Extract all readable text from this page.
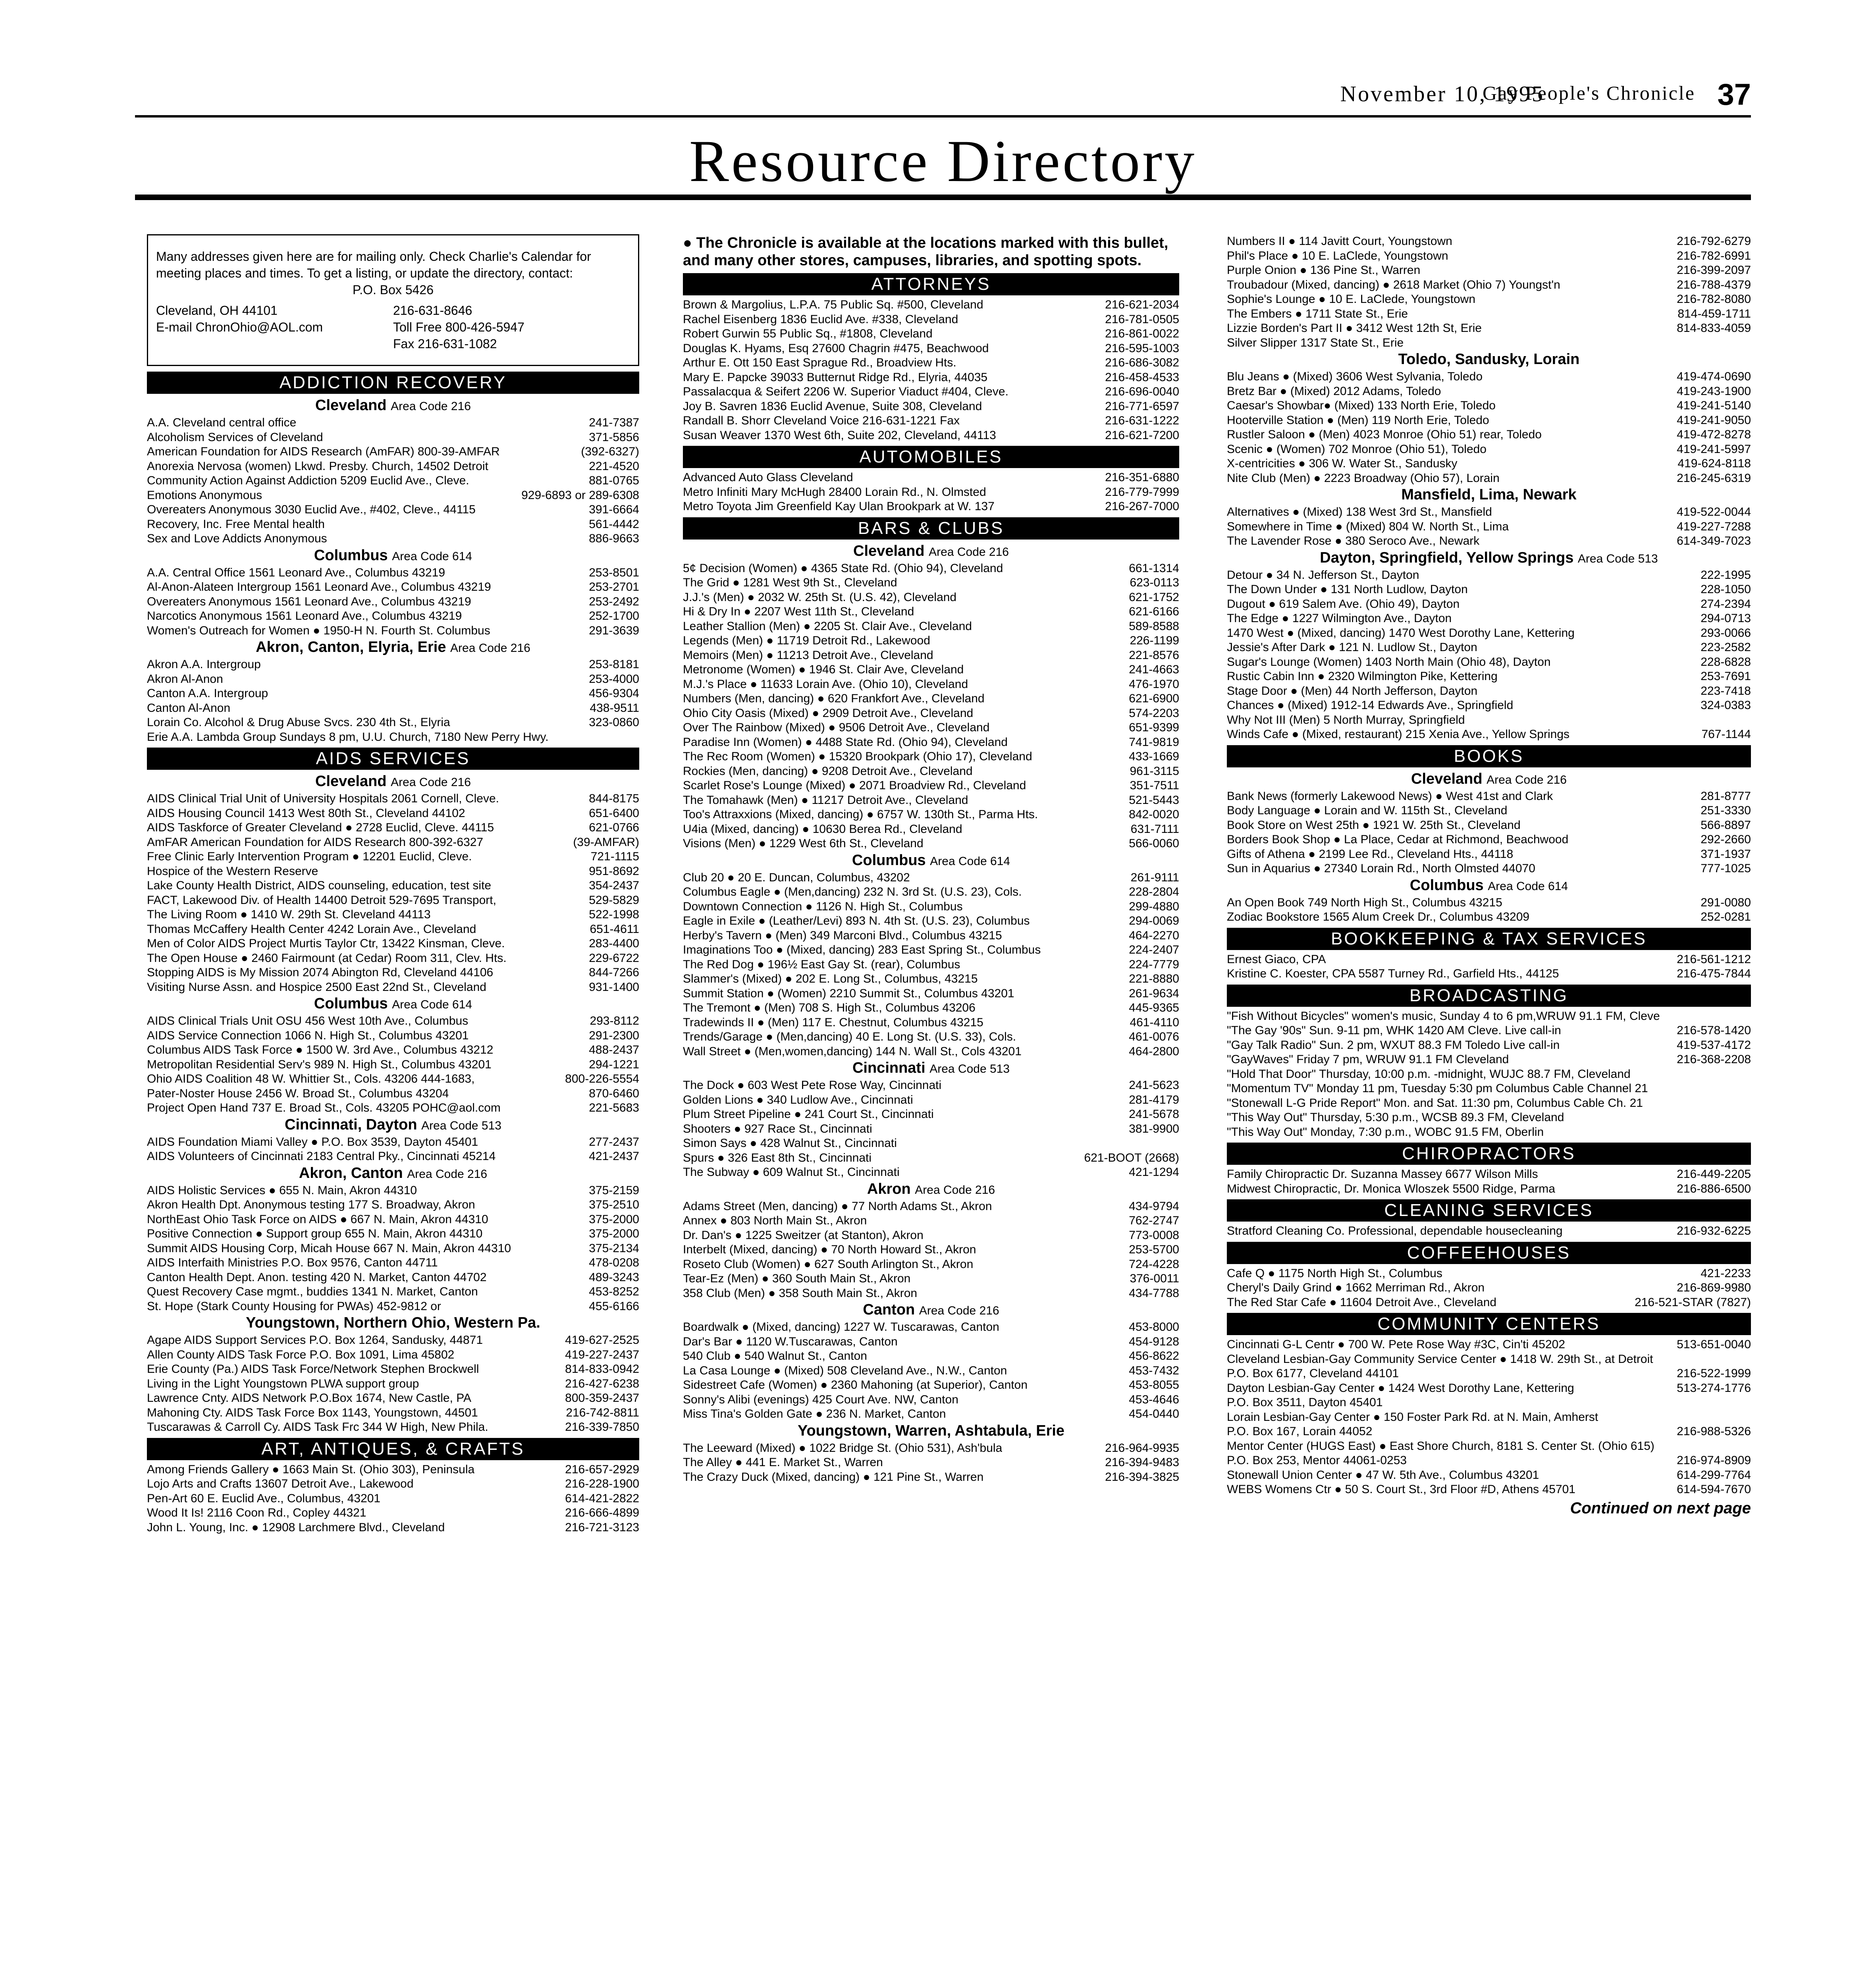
November 10, 1995
Gay People's Chronicle 37
Resource Directory
Many addresses given here are for mailing only. Check Charlie's Calendar for meeting places and times. To get a listing, or update the directory, contact:
P.O. Box 5426
Cleveland, OH 44101	216-631-8646
E-mail ChronOhio@AOL.com	Toll Free 800-426-5947
Fax 216-631-1082
ADDICTION RECOVERY
Cleveland Area Code 216
A.A. Cleveland central office	241-7387
Alcoholism Services of Cleveland	371-5856
American Foundation for AIDS Research (AmFAR) 800-39-AMFAR	(392-6327)
Anorexia Nervosa (women) Lkwd. Presby. Church, 14502 Detroit	221-4520
Community Action Against Addiction 5209 Euclid Ave., Cleve.	881-0765
Emotions Anonymous	929-6893 or 289-6308
Overeaters Anonymous 3030 Euclid Ave., #402, Cleve., 44115	391-6664
Recovery, Inc. Free Mental health	561-4442
Sex and Love Addicts Anonymous	886-9663
Columbus Area Code 614
A.A. Central Office 1561 Leonard Ave., Columbus 43219	253-8501
Al-Anon-Alateen Intergroup 1561 Leonard Ave., Columbus 43219	253-2701
Overeaters Anonymous 1561 Leonard Ave., Columbus 43219	253-2492
Narcotics Anonymous 1561 Leonard Ave., Columbus 43219	252-1700
Women's Outreach for Women ● 1950-H N. Fourth St. Columbus	291-3639
Akron, Canton, Elyria, Erie Area Code 216
Akron A.A. Intergroup	253-8181
Akron Al-Anon	253-4000
Canton A.A. Intergroup	456-9304
Canton Al-Anon	438-9511
Lorain Co. Alcohol & Drug Abuse Svcs. 230 4th St., Elyria	323-0860
Erie A.A. Lambda Group Sundays 8 pm, U.U. Church, 7180 New Perry Hwy.
AIDS SERVICES
Cleveland Area Code 216
AIDS Clinical Trial Unit of University Hospitals 2061 Cornell, Cleve.	844-8175
AIDS Housing Council 1413 West 80th St., Cleveland 44102	651-6400
AIDS Taskforce of Greater Cleveland ● 2728 Euclid, Cleve. 44115	621-0766
AmFAR American Foundation for AIDS Research 800-392-6327	(39-AMFAR)
Free Clinic Early Intervention Program ● 12201 Euclid, Cleve.	721-1115
Hospice of the Western Reserve	951-8692
Lake County Health District, AIDS counseling, education, test site	354-2437
FACT, Lakewood Div. of Health 14400 Detroit 529-7695 Transport,	529-5829
The Living Room ● 1410 W. 29th St. Cleveland 44113	522-1998
Thomas McCaffery Health Center 4242 Lorain Ave., Cleveland	651-4611
Men of Color AIDS Project Murtis Taylor Ctr, 13422 Kinsman, Cleve.	283-4400
The Open House ● 2460 Fairmount (at Cedar) Room 311, Clev. Hts.	229-6722
Stopping AIDS is My Mission 2074 Abington Rd, Cleveland 44106	844-7266
Visiting Nurse Assn. and Hospice 2500 East 22nd St., Cleveland	931-1400
Columbus Area Code 614
AIDS Clinical Trials Unit OSU 456 West 10th Ave., Columbus	293-8112
AIDS Service Connection 1066 N. High St., Columbus 43201	291-2300
Columbus AIDS Task Force ● 1500 W. 3rd Ave., Columbus 43212	488-2437
Metropolitan Residential Serv's 989 N. High St., Columbus 43201	294-1221
Ohio AIDS Coalition 48 W. Whittier St., Cols. 43206 444-1683,	800-226-5554
Pater-Noster House 2456 W. Broad St., Columbus 43204	870-6460
Project Open Hand 737 E. Broad St., Cols. 43205 POHC@aol.com	221-5683
Cincinnati, Dayton Area Code 513
AIDS Foundation Miami Valley ● P.O. Box 3539, Dayton 45401	277-2437
AIDS Volunteers of Cincinnati 2183 Central Pky., Cincinnati 45214	421-2437
Akron, Canton Area Code 216
AIDS Holistic Services ● 655 N. Main, Akron 44310	375-2159
Akron Health Dpt. Anonymous testing 177 S. Broadway, Akron	375-2510
NorthEast Ohio Task Force on AIDS ● 667 N. Main, Akron 44310	375-2000
Positive Connection ● Support group 655 N. Main, Akron 44310	375-2000
Summit AIDS Housing Corp, Micah House 667 N. Main, Akron 44310	375-2134
AIDS Interfaith Ministries P.O. Box 9576, Canton 44711	478-0208
Canton Health Dept. Anon. testing 420 N. Market, Canton 44702	489-3243
Quest Recovery Case mgmt., buddies 1341 N. Market, Canton	453-8252
St. Hope (Stark County Housing for PWAs) 452-9812 or	455-6166
Youngstown, Northern Ohio, Western Pa.
Agape AIDS Support Services P.O. Box 1264, Sandusky, 44871	419-627-2525
Allen County AIDS Task Force P.O. Box 1091, Lima 45802	419-227-2437
Erie County (Pa.) AIDS Task Force/Network Stephen Brockwell	814-833-0942
Living in the Light Youngstown PLWA support group	216-427-6238
Lawrence Cnty. AIDS Network P.O.Box 1674, New Castle, PA	800-359-2437
Mahoning Cty. AIDS Task Force Box 1143, Youngstown, 44501	216-742-8811
Tuscarawas & Carroll Cy. AIDS Task Frc 344 W High, New Phila.	216-339-7850
ART, ANTIQUES, & CRAFTS
Among Friends Gallery ● 1663 Main St. (Ohio 303), Peninsula	216-657-2929
Lojo Arts and Crafts 13607 Detroit Ave., Lakewood	216-228-1900
Pen-Art 60 E. Euclid Ave., Columbus, 43201	614-421-2822
Wood It Is! 2116 Coon Rd., Copley 44321	216-666-4899
John L. Young, Inc. ● 12908 Larchmere Blvd., Cleveland	216-721-3123
● The Chronicle is available at the locations marked with this bullet, and many other stores, campuses, libraries, and spotting spots.
ATTORNEYS
Brown & Margolius, L.P.A. 75 Public Sq. #500, Cleveland	216-621-2034
Rachel Eisenberg 1836 Euclid Ave. #338, Cleveland	216-781-0505
Robert Gurwin 55 Public Sq., #1808, Cleveland	216-861-0022
Douglas K. Hyams, Esq 27600 Chagrin #475, Beachwood	216-595-1003
Arthur E. Ott 150 East Sprague Rd., Broadview Hts.	216-686-3082
Mary E. Papcke 39033 Butternut Ridge Rd., Elyria, 44035	216-458-4533
Passalacqua & Seifert 2206 W. Superior Viaduct #404, Cleve.	216-696-0040
Joy B. Savren 1836 Euclid Avenue, Suite 308, Cleveland	216-771-6597
Randall B. Shorr Cleveland Voice 216-631-1221 Fax	216-631-1222
Susan Weaver 1370 West 6th, Suite 202, Cleveland, 44113	216-621-7200
AUTOMOBILES
Advanced Auto Glass Cleveland	216-351-6880
Metro Infiniti Mary McHugh 28400 Lorain Rd., N. Olmsted	216-779-7999
Metro Toyota Jim Greenfield Kay Ulan Brookpark at W. 137	216-267-7000
BARS & CLUBS
Cleveland Area Code 216
5¢ Decision (Women) ● 4365 State Rd. (Ohio 94), Cleveland	661-1314
The Grid ● 1281 West 9th St., Cleveland	623-0113
J.J.'s (Men) ● 2032 W. 25th St. (U.S. 42), Cleveland	621-1752
Hi & Dry In ● 2207 West 11th St., Cleveland	621-6166
Leather Stallion (Men) ● 2205 St. Clair Ave., Cleveland	589-8588
Legends (Men) ● 11719 Detroit Rd., Lakewood	226-1199
Memoirs (Men) ● 11213 Detroit Ave., Cleveland	221-8576
Metronome (Women) ● 1946 St. Clair Ave, Cleveland	241-4663
M.J.'s Place ● 11633 Lorain Ave. (Ohio 10), Cleveland	476-1970
Numbers (Men, dancing) ● 620 Frankfort Ave., Cleveland	621-6900
Ohio City Oasis (Mixed) ● 2909 Detroit Ave., Cleveland	574-2203
Over The Rainbow (Mixed) ● 9506 Detroit Ave., Cleveland	651-9399
Paradise Inn (Women) ● 4488 State Rd. (Ohio 94), Cleveland	741-9819
The Rec Room (Women) ● 15320 Brookpark (Ohio 17), Cleveland	433-1669
Rockies (Men, dancing) ● 9208 Detroit Ave., Cleveland	961-3115
Scarlet Rose's Lounge (Mixed) ● 2071 Broadview Rd., Cleveland	351-7511
The Tomahawk (Men) ● 11217 Detroit Ave., Cleveland	521-5443
Too's Attraxxions (Mixed, dancing) ● 6757 W. 130th St., Parma Hts.	842-0020
U4ia (Mixed, dancing) ● 10630 Berea Rd., Cleveland	631-7111
Visions (Men) ● 1229 West 6th St., Cleveland	566-0060
Columbus Area Code 614
Club 20 ● 20 E. Duncan, Columbus, 43202	261-9111
Columbus Eagle ● (Men,dancing) 232 N. 3rd St. (U.S. 23), Cols.	228-2804
Downtown Connection ● 1126 N. High St., Columbus	299-4880
Eagle in Exile ● (Leather/Levi) 893 N. 4th St. (U.S. 23), Columbus	294-0069
Herby's Tavern ● (Men) 349 Marconi Blvd., Columbus 43215	464-2270
Imaginations Too ● (Mixed, dancing) 283 East Spring St., Columbus	224-2407
The Red Dog ● 196½ East Gay St. (rear), Columbus	224-7779
Slammer's (Mixed) ● 202 E. Long St., Columbus, 43215	221-8880
Summit Station ● (Women) 2210 Summit St., Columbus 43201	261-9634
The Tremont ● (Men) 708 S. High St., Columbus 43206	445-9365
Tradewinds II ● (Men) 117 E. Chestnut, Columbus 43215	461-4110
Trends/Garage ● (Men,dancing) 40 E. Long St. (U.S. 33), Cols.	461-0076
Wall Street ● (Men,women,dancing) 144 N. Wall St., Cols 43201	464-2800
Cincinnati Area Code 513
The Dock ● 603 West Pete Rose Way, Cincinnati	241-5623
Golden Lions ● 340 Ludlow Ave., Cincinnati	281-4179
Plum Street Pipeline ● 241 Court St., Cincinnati	241-5678
Shooters ● 927 Race St., Cincinnati	381-9900
Simon Says ● 428 Walnut St., Cincinnati
Spurs ● 326 East 8th St., Cincinnati	621-BOOT (2668)
The Subway ● 609 Walnut St., Cincinnati	421-1294
Akron Area Code 216
Adams Street (Men, dancing) ● 77 North Adams St., Akron	434-9794
Annex ● 803 North Main St., Akron	762-2747
Dr. Dan's ● 1225 Sweitzer (at Stanton), Akron	773-0008
Interbelt (Mixed, dancing) ● 70 North Howard St., Akron	253-5700
Roseto Club (Women) ● 627 South Arlington St., Akron	724-4228
Tear-Ez (Men) ● 360 South Main St., Akron	376-0011
358 Club (Men) ● 358 South Main St., Akron	434-7788
Canton Area Code 216
Boardwalk ● (Mixed, dancing) 1227 W. Tuscarawas, Canton	453-8000
Dar's Bar ● 1120 W.Tuscarawas, Canton	454-9128
540 Club ● 540 Walnut St., Canton	456-8622
La Casa Lounge ● (Mixed) 508 Cleveland Ave., N.W., Canton	453-7432
Sidestreet Cafe (Women) ● 2360 Mahoning (at Superior), Canton	453-8055
Sonny's Alibi (evenings) 425 Court Ave. NW, Canton	453-4646
Miss Tina's Golden Gate ● 236 N. Market, Canton	454-0440
Youngstown, Warren, Ashtabula, Erie
The Leeward (Mixed) ● 1022 Bridge St. (Ohio 531), Ash'bula	216-964-9935
The Alley ● 441 E. Market St., Warren	216-394-9483
The Crazy Duck (Mixed, dancing) ● 121 Pine St., Warren	216-394-3825
Numbers II ● 114 Javitt Court, Youngstown	216-792-6279
Phil's Place ● 10 E. LaClede, Youngstown	216-782-6991
Purple Onion ● 136 Pine St., Warren	216-399-2097
Troubadour (Mixed, dancing) ● 2618 Market (Ohio 7) Youngst'n	216-788-4379
Sophie's Lounge ● 10 E. LaClede, Youngstown	216-782-8080
The Embers ● 1711 State St., Erie	814-459-1711
Lizzie Borden's Part II ● 3412 West 12th St, Erie	814-833-4059
Silver Slipper 1317 State St., Erie
Toledo, Sandusky, Lorain
Blu Jeans ● (Mixed) 3606 West Sylvania, Toledo	419-474-0690
Bretz Bar ● (Mixed) 2012 Adams, Toledo	419-243-1900
Caesar's Showbar● (Mixed) 133 North Erie, Toledo	419-241-5140
Hooterville Station ● (Men) 119 North Erie, Toledo	419-241-9050
Rustler Saloon ● (Men) 4023 Monroe (Ohio 51) rear, Toledo	419-472-8278
Scenic ● (Women) 702 Monroe (Ohio 51), Toledo	419-241-5997
X-centricities ● 306 W. Water St., Sandusky	419-624-8118
Nite Club (Men) ● 2223 Broadway (Ohio 57), Lorain	216-245-6319
Mansfield, Lima, Newark
Alternatives ● (Mixed) 138 West 3rd St., Mansfield	419-522-0044
Somewhere in Time ● (Mixed) 804 W. North St., Lima	419-227-7288
The Lavender Rose ● 380 Seroco Ave., Newark	614-349-7023
Dayton, Springfield, Yellow Springs Area Code 513
Detour ● 34 N. Jefferson St., Dayton	222-1995
The Down Under ● 131 North Ludlow, Dayton	228-1050
Dugout ● 619 Salem Ave. (Ohio 49), Dayton	274-2394
The Edge ● 1227 Wilmington Ave., Dayton	294-0713
1470 West ● (Mixed, dancing) 1470 West Dorothy Lane, Kettering	293-0066
Jessie's After Dark ● 121 N. Ludlow St., Dayton	223-2582
Sugar's Lounge (Women) 1403 North Main (Ohio 48), Dayton	228-6828
Rustic Cabin Inn ● 2320 Wilmington Pike, Kettering	253-7691
Stage Door ● (Men) 44 North Jefferson, Dayton	223-7418
Chances ● (Mixed) 1912-14 Edwards Ave., Springfield	324-0383
Why Not III (Men) 5 North Murray, Springfield
Winds Cafe ● (Mixed, restaurant) 215 Xenia Ave., Yellow Springs	767-1144
BOOKS
Cleveland Area Code 216
Bank News (formerly Lakewood News) ● West 41st and Clark	281-8777
Body Language ● Lorain and W. 115th St., Cleveland	251-3330
Book Store on West 25th ● 1921 W. 25th St., Cleveland	566-8897
Borders Book Shop ● La Place, Cedar at Richmond, Beachwood	292-2660
Gifts of Athena ● 2199 Lee Rd., Cleveland Hts., 44118	371-1937
Sun in Aquarius ● 27340 Lorain Rd., North Olmsted 44070	777-1025
Columbus Area Code 614
An Open Book 749 North High St., Columbus 43215	291-0080
Zodiac Bookstore 1565 Alum Creek Dr., Columbus 43209	252-0281
BOOKKEEPING & TAX SERVICES
Ernest Giaco, CPA	216-561-1212
Kristine C. Koester, CPA 5587 Turney Rd., Garfield Hts., 44125	216-475-7844
BROADCASTING
"Fish Without Bicycles" women's music, Sunday 4 to 6 pm,WRUW 91.1 FM, Cleve
"The Gay '90s" Sun. 9-11 pm, WHK 1420 AM Cleve. Live call-in	216-578-1420
"Gay Talk Radio" Sun. 2 pm, WXUT 88.3 FM Toledo Live call-in	419-537-4172
"GayWaves" Friday 7 pm, WRUW 91.1 FM Cleveland	216-368-2208
"Hold That Door" Thursday, 10:00 p.m. -midnight, WUJC 88.7 FM, Cleveland
"Momentum TV" Monday 11 pm, Tuesday 5:30 pm Columbus Cable Channel 21
"Stonewall L-G Pride Report" Mon. and Sat. 11:30 pm, Columbus Cable Ch. 21
"This Way Out" Thursday, 5:30 p.m., WCSB 89.3 FM, Cleveland
"This Way Out" Monday, 7:30 p.m., WOBC 91.5 FM, Oberlin
CHIROPRACTORS
Family Chiropractic Dr. Suzanna Massey 6677 Wilson Mills	216-449-2205
Midwest Chiropractic, Dr. Monica Wloszek 5500 Ridge, Parma	216-886-6500
CLEANING SERVICES
Stratford Cleaning Co. Professional, dependable housecleaning	216-932-6225
COFFEEHOUSES
Cafe Q ● 1175 North High St., Columbus	421-2233
Cheryl's Daily Grind ● 1662 Merriman Rd., Akron	216-869-9980
The Red Star Cafe ● 11604 Detroit Ave., Cleveland	216-521-STAR (7827)
COMMUNITY CENTERS
Cincinnati G-L Centr ● 700 W. Pete Rose Way #3C, Cin'ti 45202	513-651-0040
Cleveland Lesbian-Gay Community Service Center ● 1418 W. 29th St., at Detroit
P.O. Box 6177, Cleveland 44101	216-522-1999
Dayton Lesbian-Gay Center ● 1424 West Dorothy Lane, Kettering	513-274-1776
P.O. Box 3511, Dayton 45401
Lorain Lesbian-Gay Center ● 150 Foster Park Rd. at N. Main, Amherst
P.O. Box 167, Lorain 44052	216-988-5326
Mentor Center (HUGS East) ● East Shore Church, 8181 S. Center St. (Ohio 615)
P.O. Box 253, Mentor 44061-0253	216-974-8909
Stonewall Union Center ● 47 W. 5th Ave., Columbus 43201	614-299-7764
WEBS Womens Ctr ● 50 S. Court St., 3rd Floor #D, Athens 45701	614-594-7670
Continued on next page
